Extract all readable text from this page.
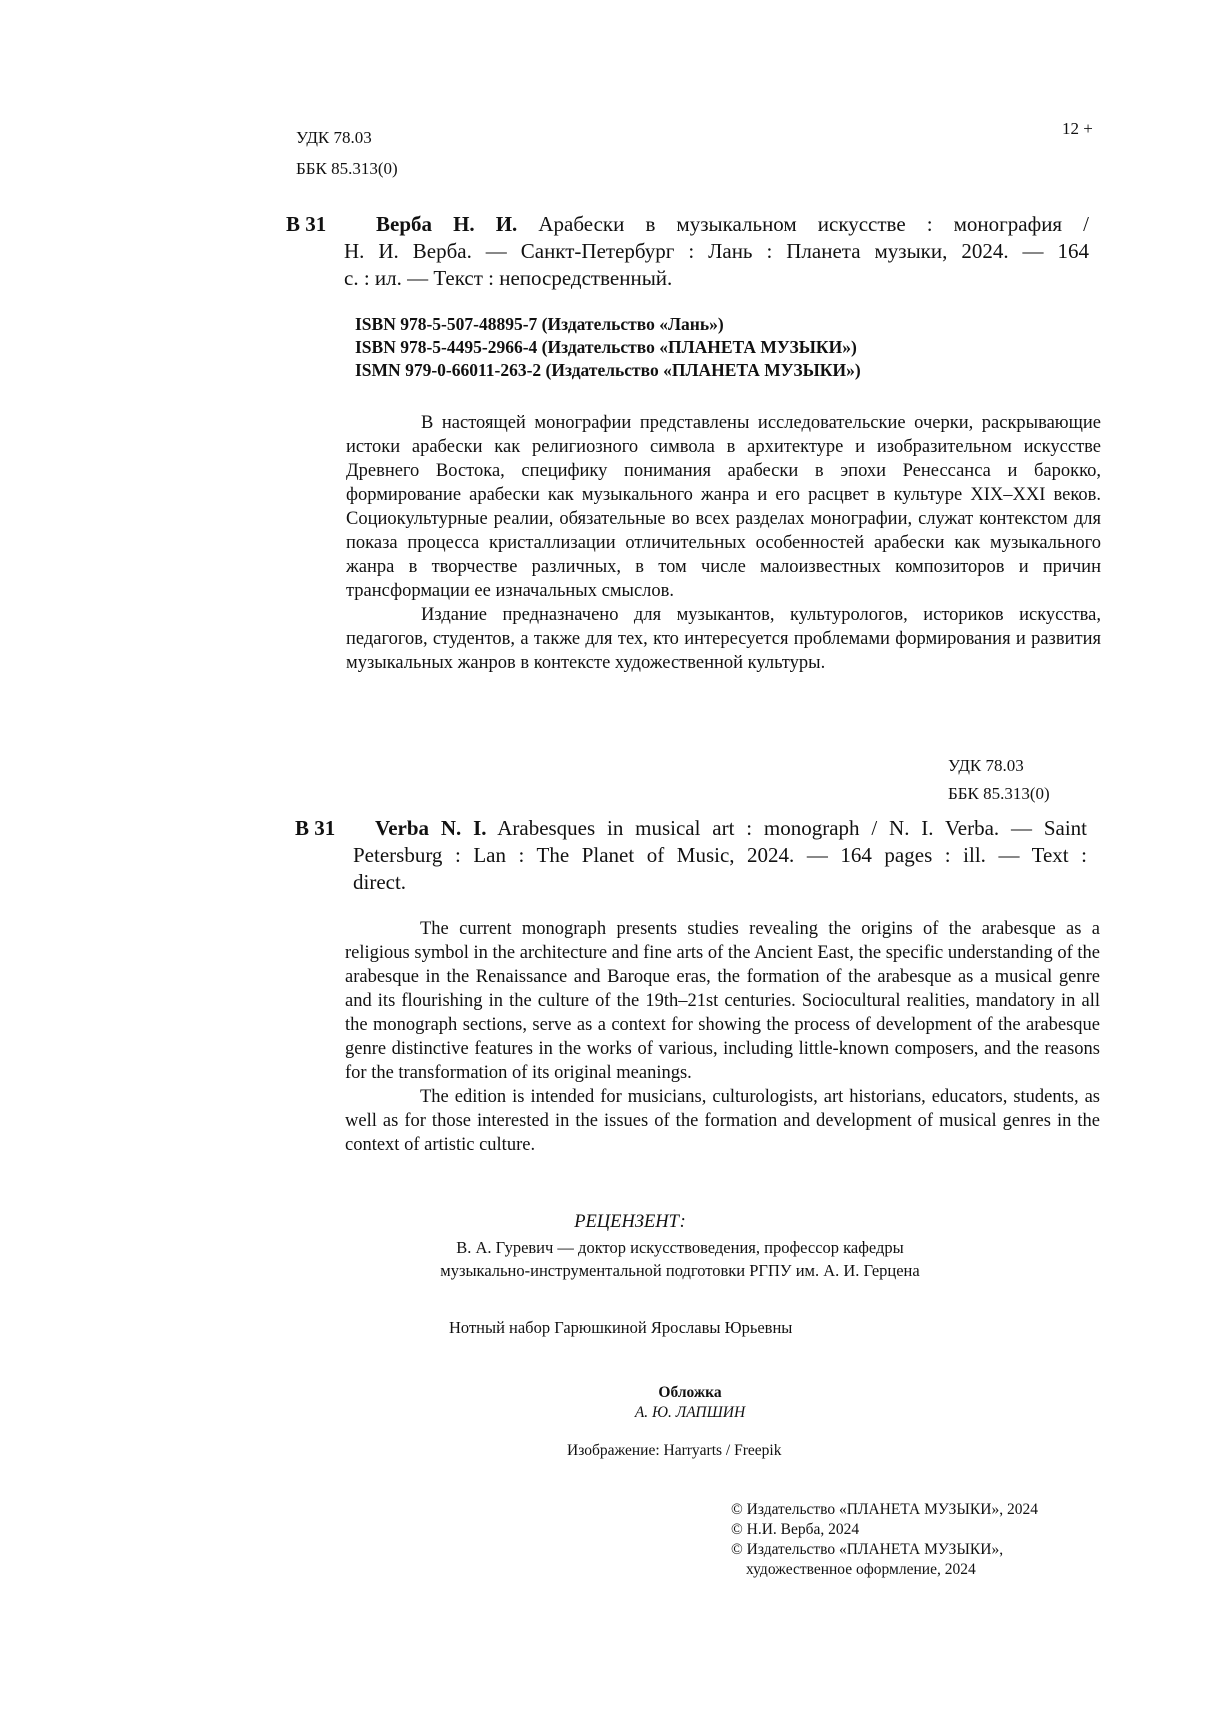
12 +
УДК 78.03
ББК 85.313(0)
В 31 Верба Н. И. Арабески в музыкальном искусстве : монография /
Н. И. Верба. — Санкт-Петербург : Лань : Планета музыки, 2024. — 164
с. : ил. — Текст : непосредственный.
ISBN 978-5-507-48895-7 (Издательство «Лань»)
ISBN 978-5-4495-2966-4 (Издательство «ПЛАНЕТА МУЗЫКИ»)
ISMN 979-0-66011-263-2 (Издательство «ПЛАНЕТА МУЗЫКИ»)

В настоящей монографии представлены исследовательские очерки, раскрывающие истоки арабески как религиозного символа в архитектуре и изобразительном искусстве Древнего Востока, специфику понимания арабески в эпохи Ренессанса и барокко, формирование арабески как музыкального жанра и его расцвет в культуре XIX–XXI веков. Социокультурные реалии, обязательные во всех разделах монографии, служат контекстом для показа процесса кристаллизации отличительных особенностей арабески как музыкального жанра в творчестве различных, в том числе малоизвестных композиторов и причин трансформации ее изначальных смыслов.

Издание предназначено для музыкантов, культурологов, историков искусства, педагогов, студентов, а также для тех, кто интересуется проблемами формирования и развития музыкальных жанров в контексте художественной культуры.

УДК 78.03
ББК 85.313(0)
В 31 Verba N. I. Arabesques in musical art : monograph / N. I. Verba. — Saint
Petersburg : Lan : The Planet of Music, 2024. — 164 pages : ill. — Text :
direct.

The current monograph presents studies revealing the origins of the arabesque as a religious symbol in the architecture and fine arts of the Ancient East, the specific understanding of the arabesque in the Renaissance and Baroque eras, the formation of the arabesque as a musical genre and its flourishing in the culture of the 19th–21st centuries. Sociocultural realities, mandatory in all the monograph sections, serve as a context for showing the process of development of the arabesque genre distinctive features in the works of various, including little-known composers, and the reasons for the transformation of its original meanings.

The edition is intended for musicians, culturologists, art historians, educators, students, as well as for those interested in the issues of the formation and development of musical genres in the context of artistic culture.

РЕЦЕНЗЕНТ:
В. А. Гуревич — доктор искусствоведения, профессор кафедры
музыкально-инструментальной подготовки РГПУ им. А. И. Герцена
Нотный набор Гарюшкиной Ярославы Юрьевны
Обложка
А. Ю. ЛАПШИН
Изображение: Harryarts / Freepik
© Издательство «ПЛАНЕТА МУЗЫКИ», 2024
© Н.И. Верба, 2024
© Издательство «ПЛАНЕТА МУЗЫКИ»,
художественное оформление, 2024
